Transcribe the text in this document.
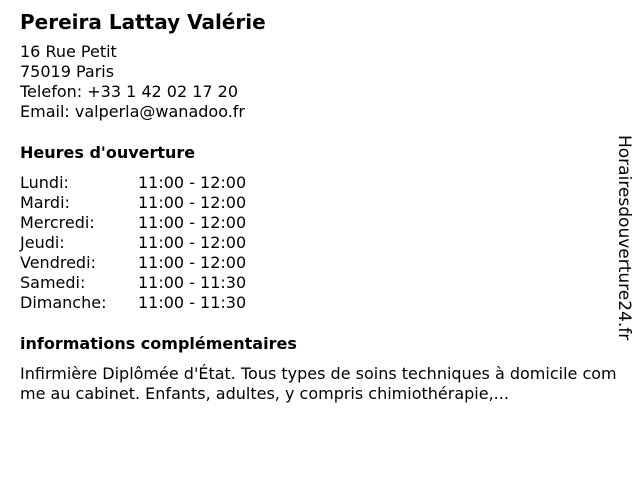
Pereira Lattay Valérie
16 Rue Petit
75019 Paris
Telefon: +33 1 42 02 17 20
Email: valperla@wanadoo.fr
Heures d'ouverture
Lundi:	11:00 - 12:00
Mardi:	11:00 - 12:00
Mercredi:	11:00 - 12:00
Jeudi:	11:00 - 12:00
Vendredi:	11:00 - 12:00
Samedi:	11:00 - 11:30
Dimanche:	11:00 - 11:30
informations complémentaires
Infirmière Diplômée d'État. Tous types de soins techniques à domicile comme au cabinet. Enfants, adultes, y compris chimiothérapie,...
Horairesdouverture24.fr
